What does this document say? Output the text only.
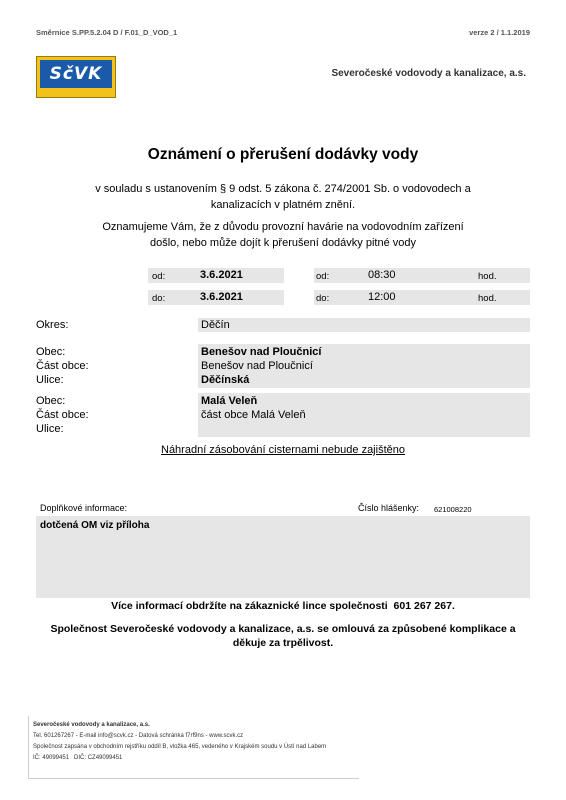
Směrnice S.PP.5.2.04 D / F.01_D_VOD_1	verze 2 / 1.1.2019
SčVK	Severočeské vodovody a kanalizace, a.s.
Oznámení o přerušení dodávky vody
v souladu s ustanovením § 9 odst. 5 zákona č. 274/2001 Sb. o vodovodech a
kanalizacích v platném znění.
Oznamujeme Vám, že z důvodu provozní havárie na vodovodním zařízení
došlo, nebo může dojít k přerušení dodávky pitné vody
od:	3.6.2021	od:	08:30	hod.
do:	3.6.2021	do:	12:00	hod.
Okres:	Děčín
Obec:	Benešov nad Ploučnicí
Část obce:	Benešov nad Ploučnicí
Ulice:	Děčínská
Obec:	Malá Veleň
Část obce:	část obce Malá Veleň
Ulice:
Náhradní zásobování cisternami nebude zajištěno
Doplňkové informace:	Číslo hlášenky: 621008220
dotčená OM viz příloha
Více informací obdržíte na zákaznické lince společnosti  601 267 267.
Společnost Severočeské vodovody a kanalizace, a.s. se omlouvá za způsobené komplikace a
děkuje za trpělivost.
Severočeské vodovody a kanalizace, a.s.
Tel. 601267267 - E-mail info@scvk.cz - Datová schránka f7rf9ns - www.scvk.cz
Společnost zapsána v obchodním rejstříku oddíl B, vložka 465, vedeného v Krajském soudu v Ústí nad Labem
IČ: 49099451   DIČ: CZ49099451
